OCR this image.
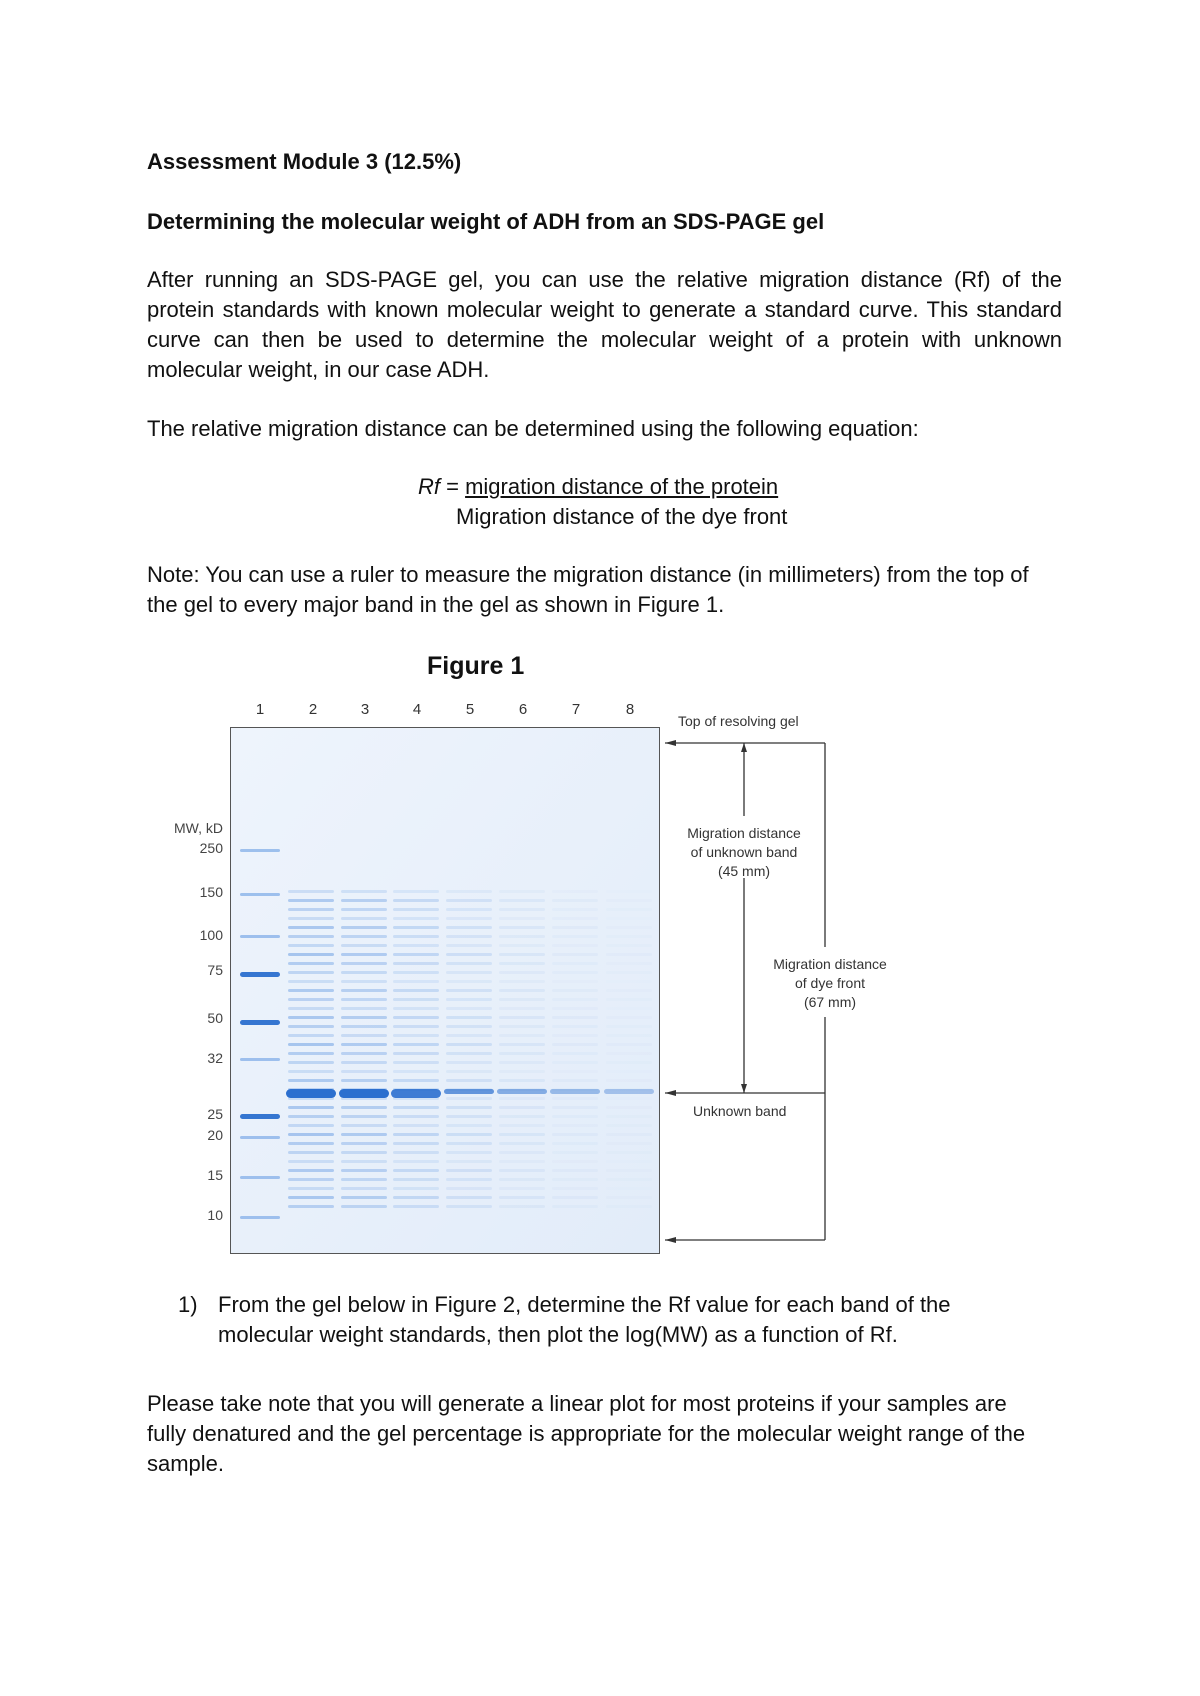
Assessment Module 3 (12.5%)

Determining the molecular weight of ADH from an SDS-PAGE gel

After running an SDS-PAGE gel, you can use the relative migration distance (Rf) of the

protein standards with known molecular weight to generate a standard curve. This standard

curve can then be used to determine the molecular weight of a protein with unknown

molecular weight, in our case ADH.

The relative migration distance can be determined using the following equation:

Rf = migration distance of the protein
Migration distance of the dye front

Note: You can use a ruler to measure the migration distance (in millimeters) from the top of

the gel to every major band in the gel as shown in Figure 1.

Figure 1
1	2	3	4	5	6	7	8
MW, kD
250
150
100
75
50
32
25
20
15
10
Top of resolving gel
Migration distance
of unknown band
(45 mm)
Migration distance
of dye front
(67 mm)
Unknown band
1) From the gel below in Figure 2, determine the Rf value for each band of the
molecular weight standards, then plot the log(MW) as a function of Rf.

Please take note that you will generate a linear plot for most proteins if your samples are

fully denatured and the gel percentage is appropriate for the molecular weight range of the

sample.
